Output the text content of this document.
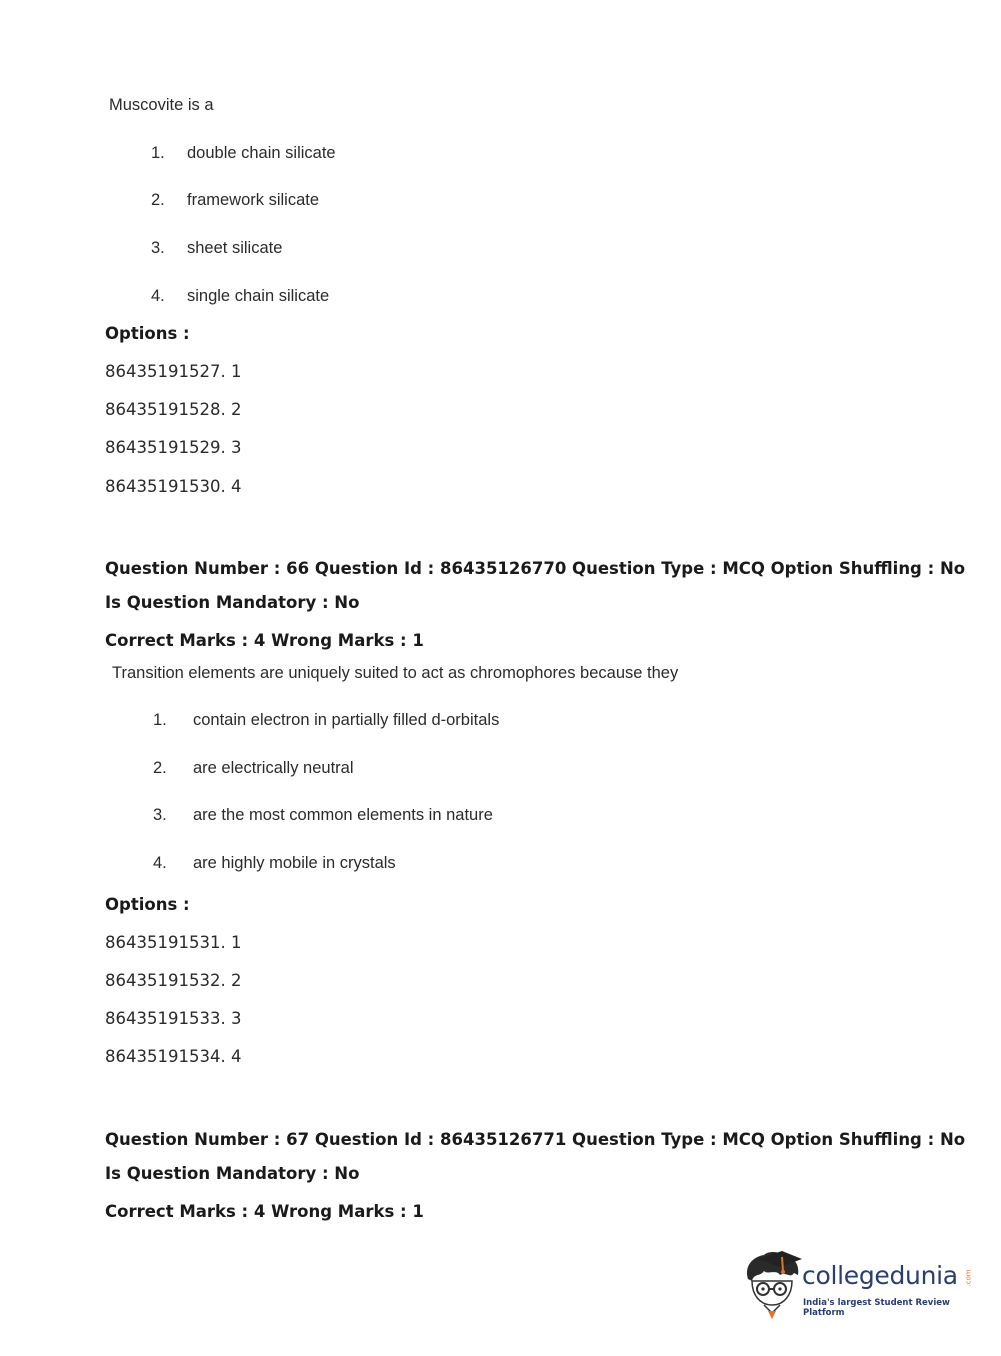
Muscovite is a
1. double chain silicate
2. framework silicate
3. sheet silicate
4. single chain silicate
Options :
86435191527. 1
86435191528. 2
86435191529. 3
86435191530. 4
Question Number : 66 Question Id : 86435126770 Question Type : MCQ Option Shuffling : No
Is Question Mandatory : No
Correct Marks : 4 Wrong Marks : 1
Transition elements are uniquely suited to act as chromophores because they
1. contain electron in partially filled d-orbitals
2. are electrically neutral
3. are the most common elements in nature
4. are highly mobile in crystals
Options :
86435191531. 1
86435191532. 2
86435191533. 3
86435191534. 4
Question Number : 67 Question Id : 86435126771 Question Type : MCQ Option Shuffling : No
Is Question Mandatory : No
Correct Marks : 4 Wrong Marks : 1
collegedunia .com
India's largest Student Review Platform
